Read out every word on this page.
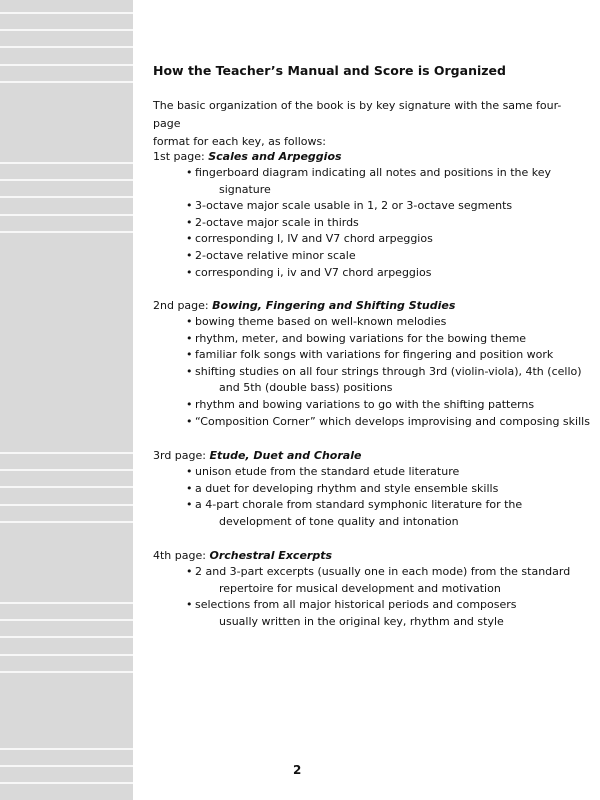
How the Teacher’s Manual and Score is Organized

The basic organization of the book is by key signature with the same four-page
format for each key, as follows:

1st page: Scales and Arpeggios

• fingerboard diagram indicating all notes and positions in the key
signature
• 3-octave major scale usable in 1, 2 or 3-octave segments
• 2-octave major scale in thirds
• corresponding I, IV and V7 chord arpeggios
• 2-octave relative minor scale
• corresponding i, iv and V7 chord arpeggios

2nd page: Bowing, Fingering and Shifting Studies

• bowing theme based on well-known melodies
• rhythm, meter, and bowing variations for the bowing theme
• familiar folk songs with variations for fingering and position work
• shifting studies on all four strings through 3rd (violin-viola), 4th (cello)
and 5th (double bass) positions
• rhythm and bowing variations to go with the shifting patterns
• “Composition Corner” which develops improvising and composing skills

3rd page: Etude, Duet and Chorale

• unison etude from the standard etude literature
• a duet for developing rhythm and style ensemble skills
• a 4-part chorale from standard symphonic literature for the
development of tone quality and intonation

4th page: Orchestral Excerpts

• 2 and 3-part excerpts (usually one in each mode) from the standard
repertoire for musical development and motivation
• selections from all major historical periods and composers
usually written in the original key, rhythm and style
2
